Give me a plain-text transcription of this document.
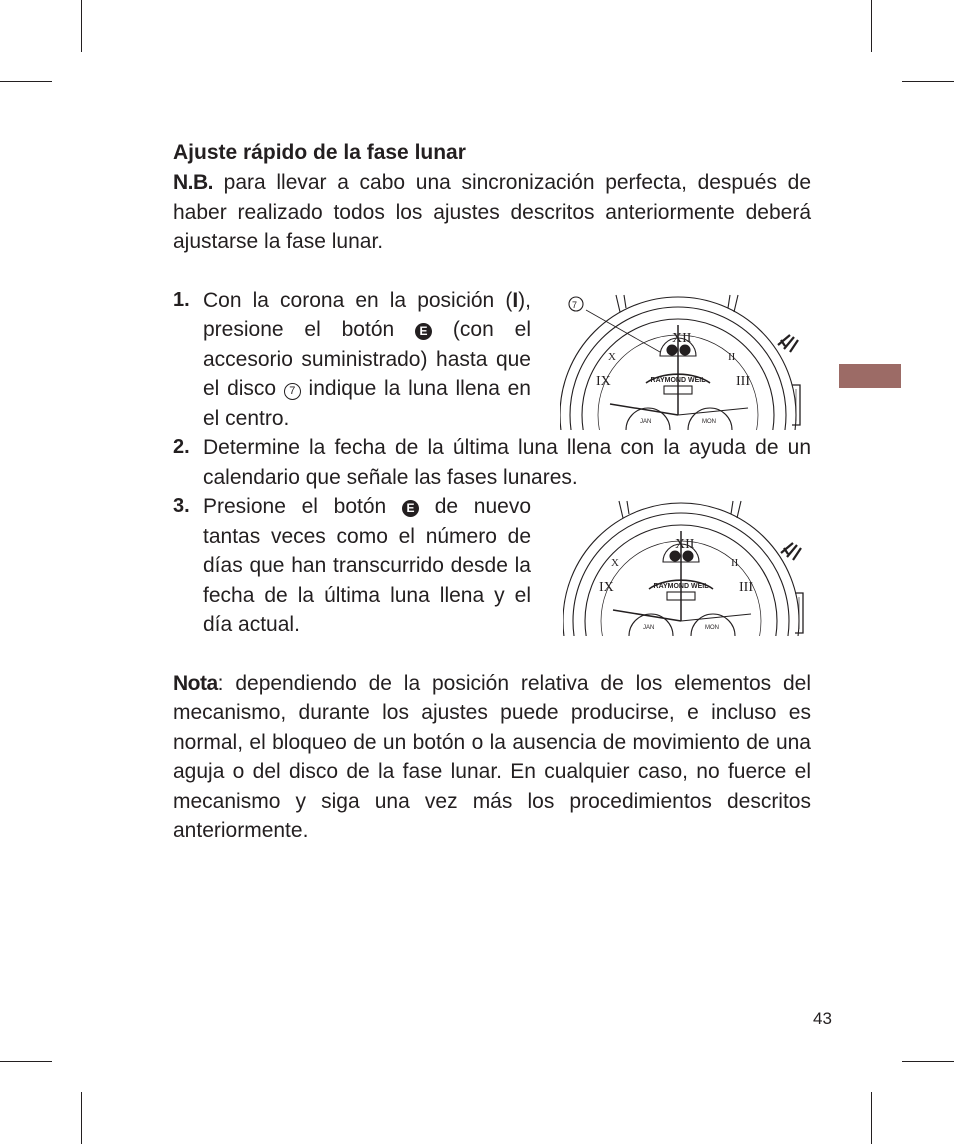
Ajuste rápido de la fase lunar

N.B. para llevar a cabo una sincronización perfecta, después de haber realizado todos los ajustes descritos anteriormente deberá ajustarse la fase lunar.

1. Con la corona en la posición (I), presione el botón E (con el accesorio suministrado) hasta que el disco 7 indique la luna llena en el centro.
2. Determine la fecha de la última luna llena con la ayuda de un calendario que señale las fases lunares.
3. Presione el botón E de nuevo tantas veces como el número de días que han transcurrido desde la fecha de la última luna llena y el día actual.

Nota: dependiendo de la posición relativa de los elementos del mecanismo, durante los ajustes puede producirse, e incluso es normal, el bloqueo de un botón o la ausencia de movimiento de una aguja o del disco de la fase lunar. En cualquier caso, no fuerce el mecanismo y siga una vez más los procedimientos descritos anteriormente.

XII
IX	III
X	II
7
RAYMOND WEIL
JAN	MON
XII
IX	III
X	II
RAYMOND WEIL
JAN	MON
43
